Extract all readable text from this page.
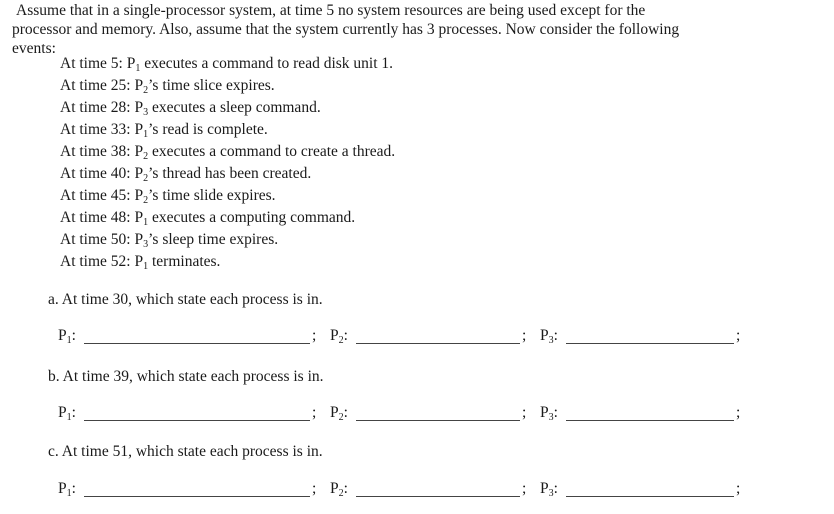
Assume that in a single-processor system, at time 5 no system resources are being used except for the
processor and memory. Also, assume that the system currently has 3 processes. Now consider the following
events:
At time 5: $P_1$ executes a command to read disk unit 1.
At time 25: $P_2’s$ time slice expires.
At time 28: $P_3$ executes a sleep command.
At time 33: $P_1’s$ read is complete.
At time 38: $P_2$ executes a command to create a thread.
At time 40: $P_2’s$ thread has been created.
At time 45: $P_2’s$ time slide expires.
At time 48: $P_1$ executes a computing command.
At time 50: $P_3’s$ sleep time expires.
At time 52: $P_1$ terminates.
a. At time 30, which state each process is in.
$P_1$:	; $P_2$:	; $P_3$:	;
b. At time 39, which state each process is in.
$P_1$:	; $P_2$:	; $P_3$:	;
c. At time 51, which state each process is in.
$P_1$:	; $P_2$:	; $P_3$:	;
